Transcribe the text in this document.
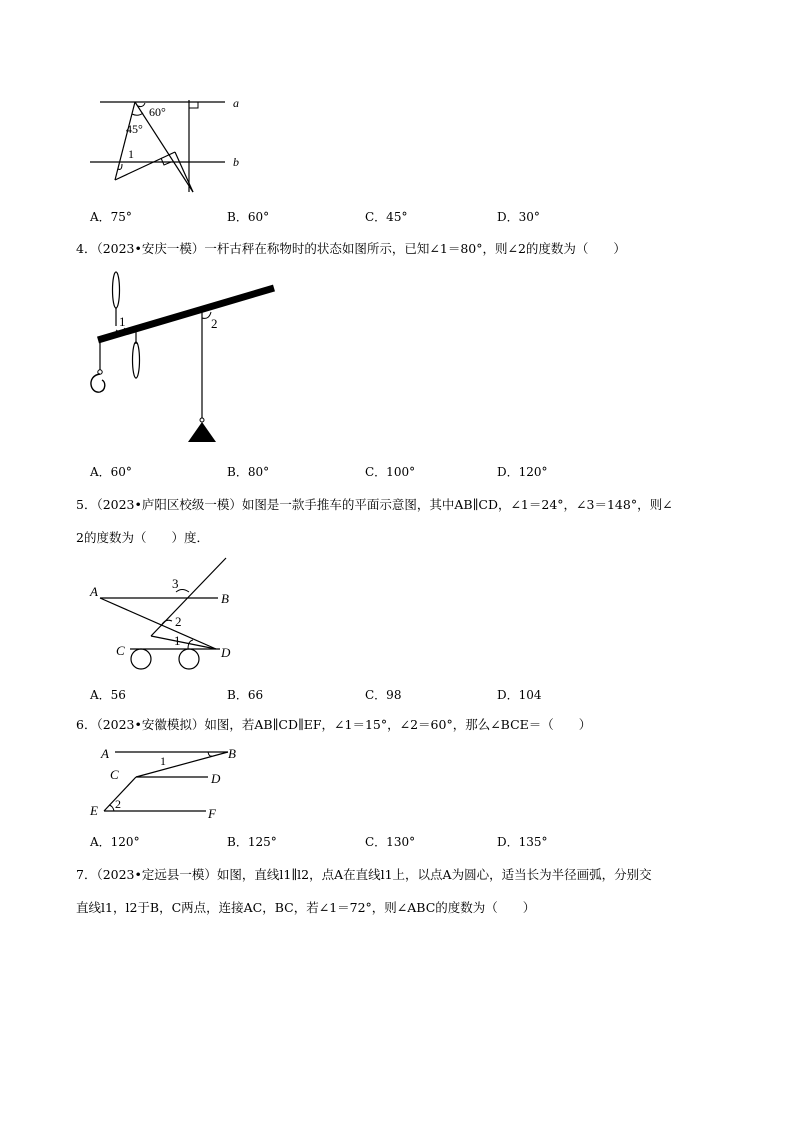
60°
45°
1
a
b
A．75°	B．60°	C．45°	D．30°
4．（2023•安庆一模）一杆古秤在称物时的状态如图所示，已知∠1＝80°，则∠2的度数为（　　）
1	2
A．60°	B．80°	C．100°	D．120°
5．（2023•庐阳区校级一模）如图是一款手推车的平面示意图，其中AB∥CD，∠1＝24°，∠3＝148°，则∠
2的度数为（　　）度．
A	B
C	D
3
2
1
A．56	B．66	C．98	D．104
6．（2023•安徽模拟）如图，若AB∥CD∥EF，∠1＝15°，∠2＝60°，那么∠BCE＝（　　）
A	B
C	D
E	F
1
2
A．120°	B．125°	C．130°	D．135°
7．（2023•定远县一模）如图，直线l1∥l2，点A在直线l1上，以点A为圆心，适当长为半径画弧，分别交
直线l1，l2于B，C两点，连接AC，BC，若∠1＝72°，则∠ABC的度数为（　　）
